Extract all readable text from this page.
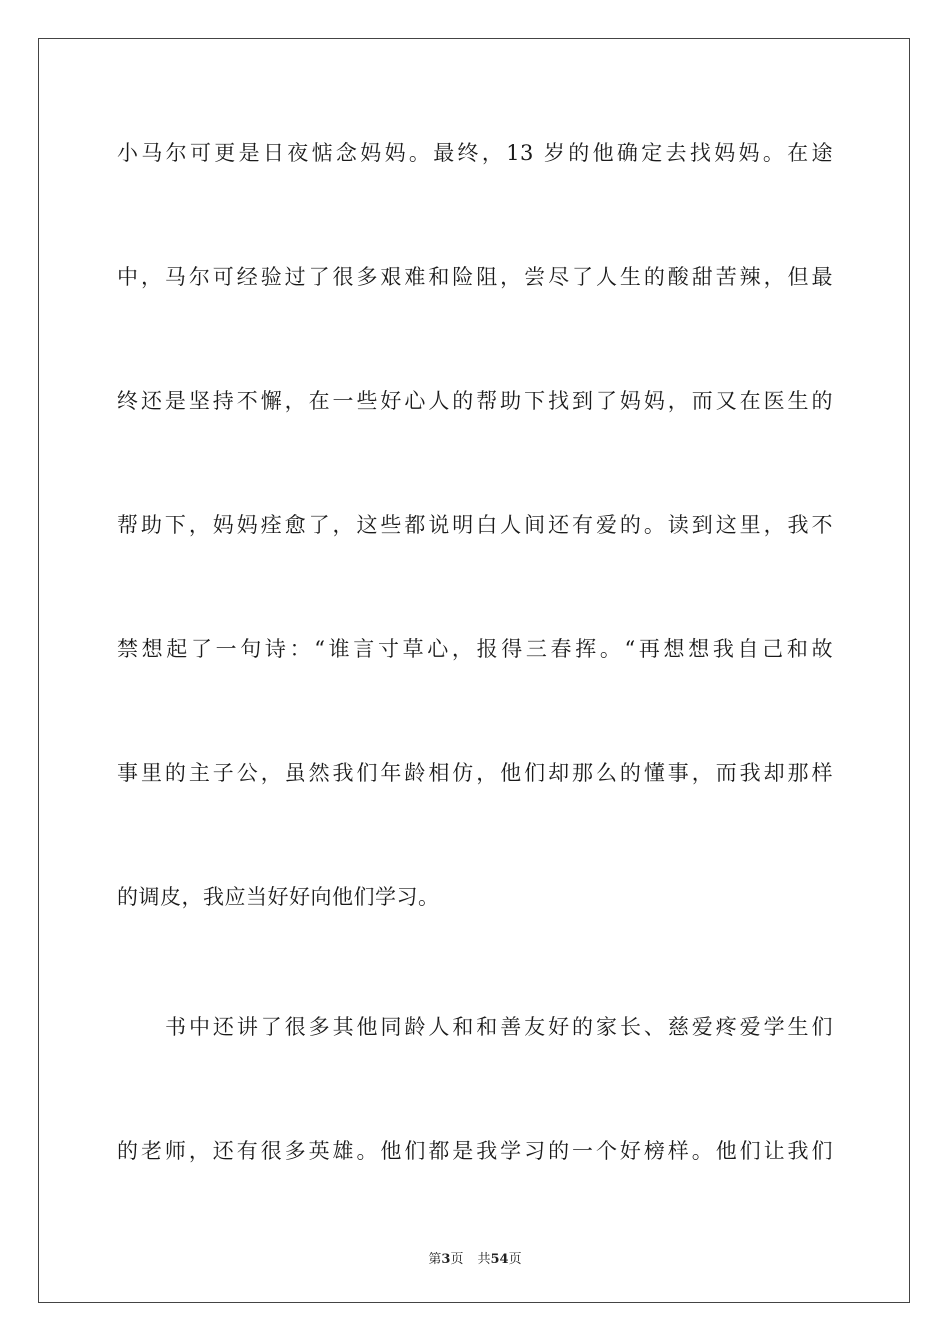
小马尔可更是日夜惦念妈妈。最终，13 岁的他确定去找妈妈。在途
中，马尔可经验过了很多艰难和险阻，尝尽了人生的酸甜苦辣，但最
终还是坚持不懈，在一些好心人的帮助下找到了妈妈，而又在医生的
帮助下，妈妈痊愈了，这些都说明白人间还有爱的。读到这里，我不
禁想起了一句诗：“谁言寸草心，报得三春挥。“再想想我自己和故
事里的主子公，虽然我们年龄相仿，他们却那么的懂事，而我却那样
的调皮，我应当好好向他们学习。
书中还讲了很多其他同龄人和和善友好的家长、慈爱疼爱学生们
的老师，还有很多英雄。他们都是我学习的一个好榜样。他们让我们
第3页 共54页
